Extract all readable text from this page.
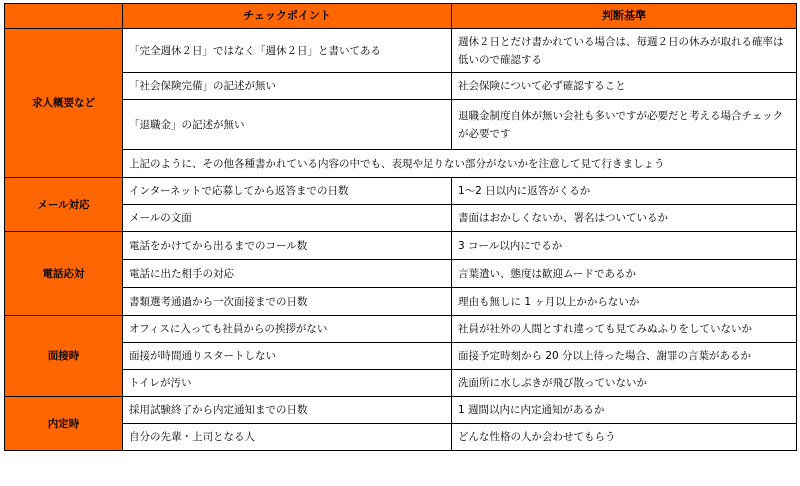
	チェックポイント	判断基準
求人概要など	「完全週休２日」ではなく「週休２日」と書いてある	週休２日とだけ書かれている場合は、毎週２日の休みが取れる確率は低いので確認する
	「社会保険完備」の記述が無い	社会保険について必ず確認すること
	「退職金」の記述が無い	退職金制度自体が無い会社も多いですが必要だと考える場合チェックが必要です
	上記のように、その他各種書かれている内容の中でも、表現や足りない部分がないかを注意して見て行きましょう	
メール対応	インターネットで応募してから返答までの日数	1～2 日以内に返答がくるか
	メールの文面	書面はおかしくないか、署名はついているか
電話応対	電話をかけてから出るまでのコール数	3 コール以内にでるか
	電話に出た相手の対応	言葉遣い、態度は歓迎ムードであるか
	書類選考通過から一次面接までの日数	理由も無しに 1 ヶ月以上かからないか
面接時	オフィスに入っても社員からの挨拶がない	社員が社外の人間とすれ違っても見てみぬふりをしていないか
	面接が時間通りスタートしない	面接予定時刻から 20 分以上待った場合、謝罪の言葉があるか
	トイレが汚い	洗面所に水しぶきが飛び散っていないか
内定時	採用試験終了から内定通知までの日数	1 週間以内に内定通知があるか
	自分の先輩・上司となる人	どんな性格の人か会わせてもらう
